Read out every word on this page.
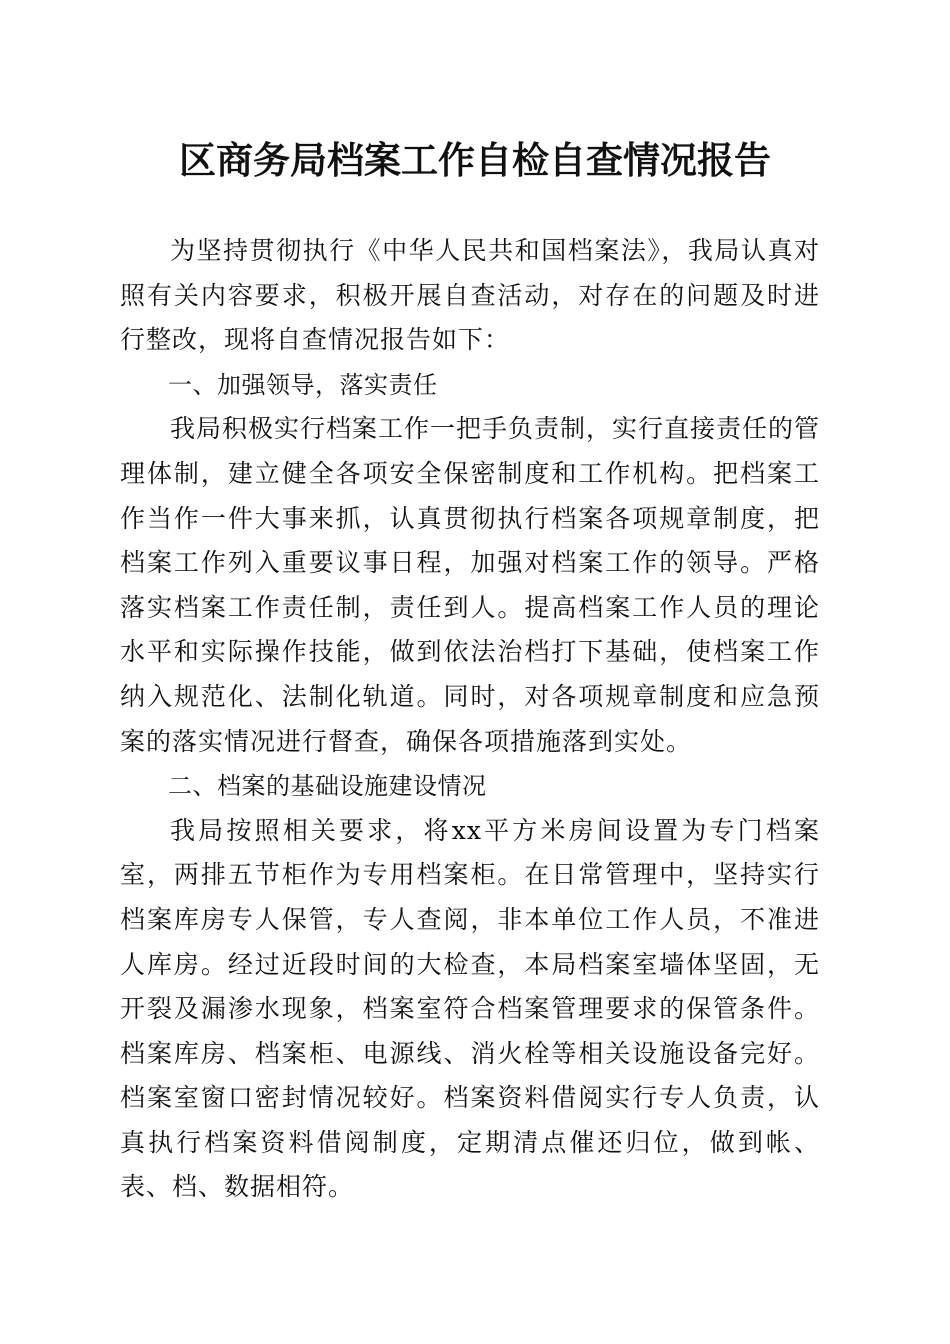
区商务局档案工作自检自查情况报告

为坚持贯彻执行《中华人民共和国档案法》，我局认真对照有关内容要求，积极开展自查活动，对存在的问题及时进行整改，现将自查情况报告如下：

一、加强领导，落实责任

我局积极实行档案工作一把手负责制，实行直接责任的管理体制，建立健全各项安全保密制度和工作机构。把档案工作当作一件大事来抓，认真贯彻执行档案各项规章制度，把档案工作列入重要议事日程，加强对档案工作的领导。严格落实档案工作责任制，责任到人。提高档案工作人员的理论水平和实际操作技能，做到依法治档打下基础，使档案工作纳入规范化、法制化轨道。同时，对各项规章制度和应急预案的落实情况进行督查，确保各项措施落到实处。

二、档案的基础设施建设情况

我局按照相关要求，将xx平方米房间设置为专门档案室，两排五节柜作为专用档案柜。在日常管理中，坚持实行档案库房专人保管，专人查阅，非本单位工作人员，不准进人库房。经过近段时间的大检查，本局档案室墙体坚固，无开裂及漏渗水现象，档案室符合档案管理要求的保管条件。档案库房、档案柜、电源线、消火栓等相关设施设备完好。档案室窗口密封情况较好。档案资料借阅实行专人负责，认真执行档案资料借阅制度，定期清点催还归位，做到帐、表、档、数据相符。
